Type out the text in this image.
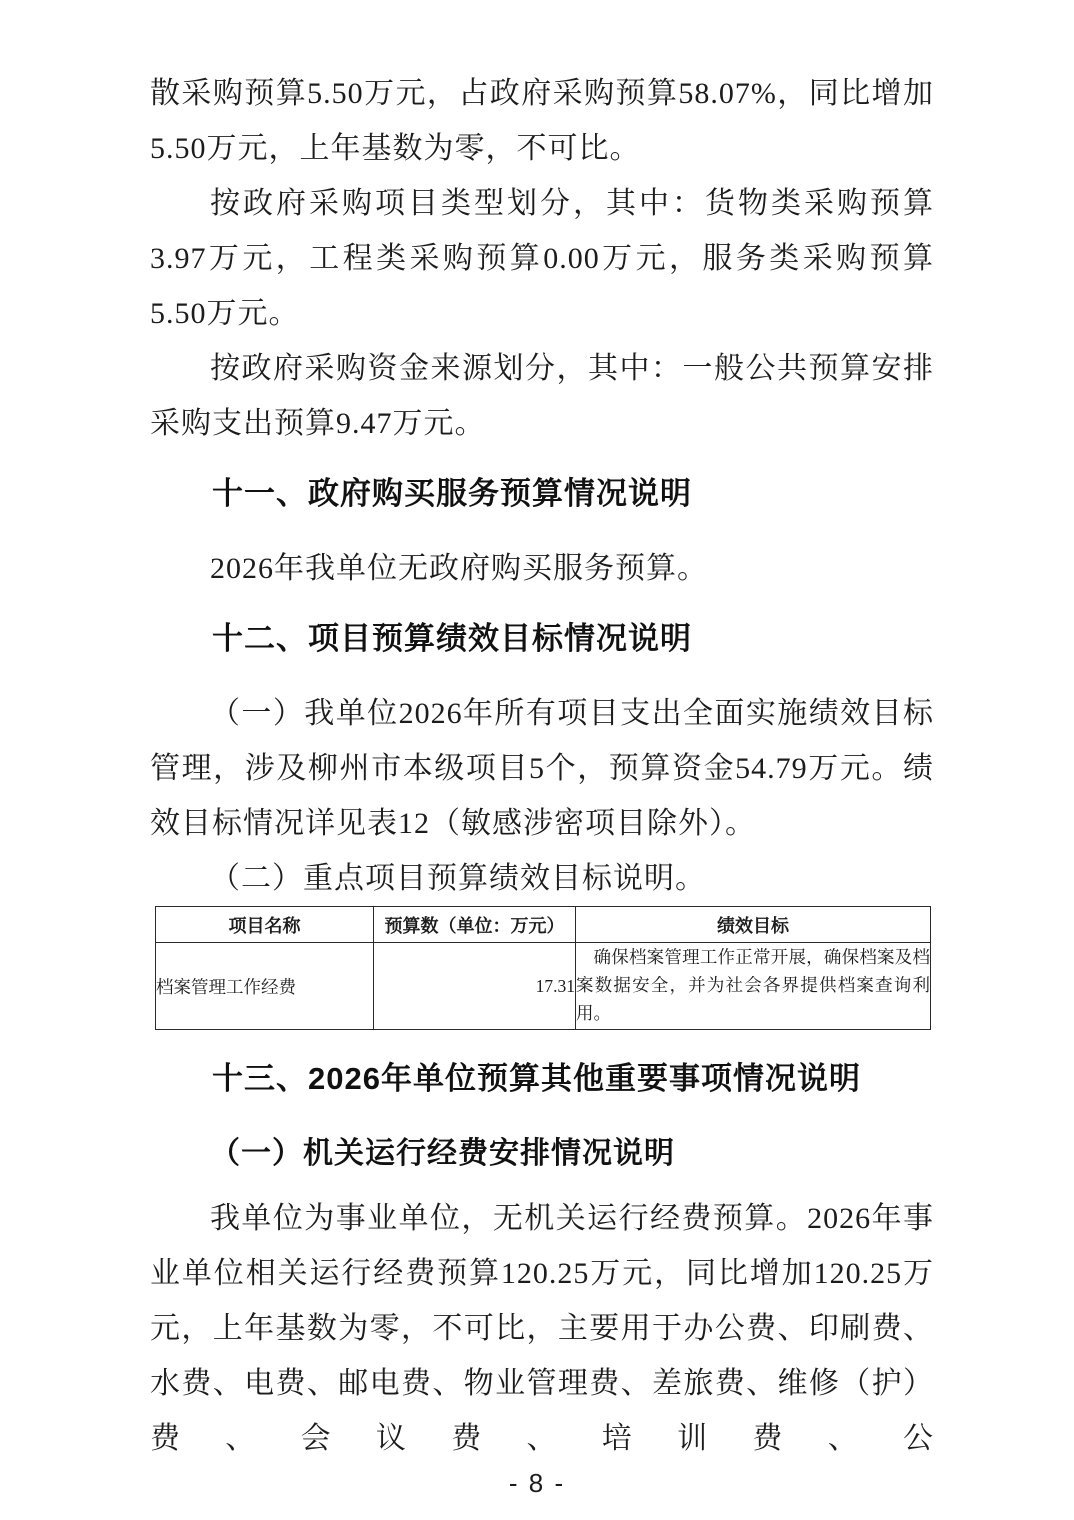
散采购预算5.50万元，占政府采购预算58.07%，同比增加5.50万元，上年基数为零，不可比。

按政府采购项目类型划分，其中：货物类采购预算3.97万元，工程类采购预算0.00万元，服务类采购预算5.50万元。

按政府采购资金来源划分，其中：一般公共预算安排采购支出预算9.47万元。

十一、政府购买服务预算情况说明

2026年我单位无政府购买服务预算。

十二、项目预算绩效目标情况说明

（一）我单位2026年所有项目支出全面实施绩效目标管理，涉及柳州市本级项目5个，预算资金54.79万元。绩效目标情况详见表12（敏感涉密项目除外）。

（二）重点项目预算绩效目标说明。

项目名称	预算数（单位：万元）	绩效目标
档案管理工作经费	17.31	确保档案管理工作正常开展，确保档案及档案数据安全，并为社会各界提供档案查询利用。
十三、2026年单位预算其他重要事项情况说明
（一）机关运行经费安排情况说明

我单位为事业单位，无机关运行经费预算。2026年事业单位相关运行经费预算120.25万元，同比增加120.25万元，上年基数为零，不可比，主要用于办公费、印刷费、水费、电费、邮电费、物业管理费、差旅费、维修（护）费、会议费、培训费、公

- 8 -
